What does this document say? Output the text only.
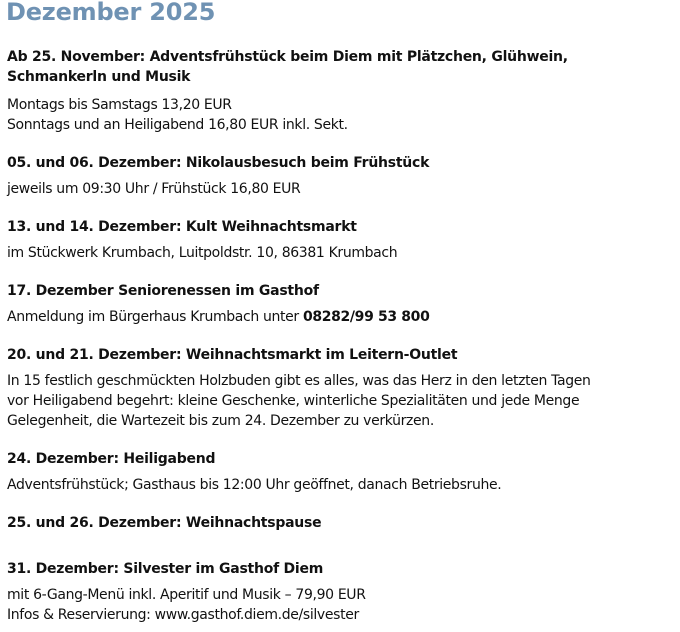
Dezember 2025

Ab 25. November: Adventsfrühstück beim Diem mit Plätzchen, Glühwein,
Schmankerln und Musik

Montags bis Samstags 13,20 EUR
Sonntags und an Heiligabend 16,80 EUR inkl. Sekt.

05. und 06. Dezember: Nikolausbesuch beim Frühstück

jeweils um 09:30 Uhr / Frühstück 16,80 EUR

13. und 14. Dezember: Kult Weihnachtsmarkt

im Stückwerk Krumbach, Luitpoldstr. 10, 86381 Krumbach

17. Dezember Seniorenessen im Gasthof

Anmeldung im Bürgerhaus Krumbach unter 08282/99 53 800

20. und 21. Dezember: Weihnachtsmarkt im Leitern-Outlet

In 15 festlich geschmückten Holzbuden gibt es alles, was das Herz in den letzten Tagen
vor Heiligabend begehrt: kleine Geschenke, winterliche Spezialitäten und jede Menge
Gelegenheit, die Wartezeit bis zum 24. Dezember zu verkürzen.

24. Dezember: Heiligabend

Adventsfrühstück; Gasthaus bis 12:00 Uhr geöffnet, danach Betriebsruhe.

25. und 26. Dezember: Weihnachtspause

31. Dezember: Silvester im Gasthof Diem

mit 6-Gang-Menü inkl. Aperitif und Musik – 79,90 EUR
Infos & Reservierung: www.gasthof.diem.de/silvester
